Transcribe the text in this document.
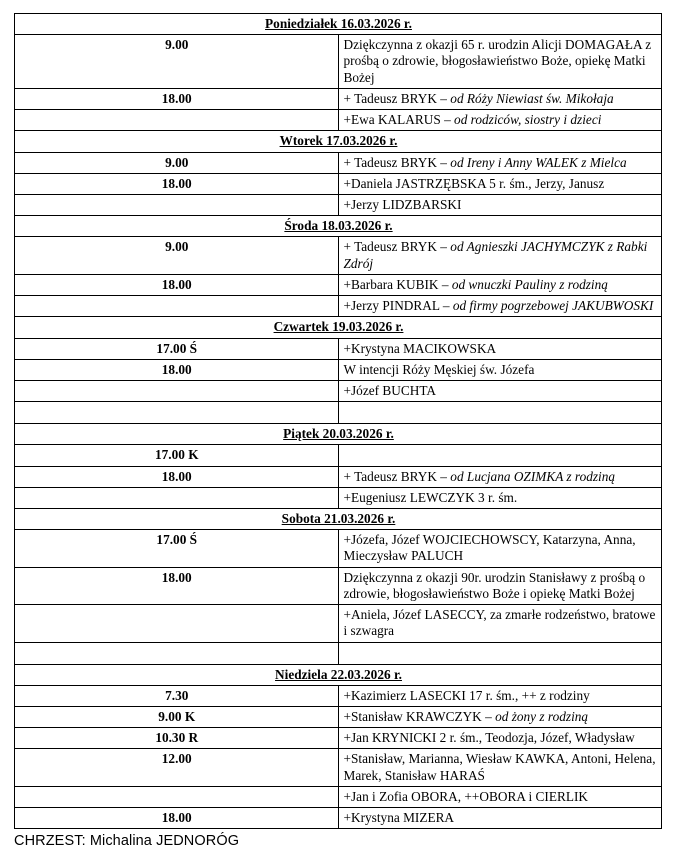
Poniedziałek 16.03.2026 r.	
9.00	Dziękczynna z okazji 65 r. urodzin Alicji DOMAGAŁA z prośbą o zdrowie, błogosławieństwo Boże, opiekę Matki Bożej
18.00	+ Tadeusz BRYK – od Róży Niewiast św. Mikołaja
	+Ewa KALARUS – od rodziców, siostry i dzieci
Wtorek 17.03.2026 r.	
9.00	+ Tadeusz BRYK – od Ireny i Anny WALEK z Mielca
18.00	+Daniela JASTRZĘBSKA 5 r. śm., Jerzy, Janusz
	+Jerzy LIDZBARSKI
Środa 18.03.2026 r.	
9.00	+ Tadeusz BRYK – od Agnieszki JACHYMCZYK z Rabki Zdrój
18.00	+Barbara KUBIK – od wnuczki Pauliny z rodziną
	+Jerzy PINDRAL – od firmy pogrzebowej JAKUBWOSKI
Czwartek 19.03.2026 r.	
17.00 Ś	+Krystyna MACIKOWSKA
18.00	W intencji Róży Męskiej św. Józefa
	+Józef BUCHTA

Piątek 20.03.2026 r.	
17.00 K	
18.00	+ Tadeusz BRYK – od Lucjana OZIMKA z rodziną
	+Eugeniusz LEWCZYK 3 r. śm.
Sobota 21.03.2026 r.	
17.00 Ś	+Józefa, Józef WOJCIECHOWSCY, Katarzyna, Anna, Mieczysław PALUCH
18.00	Dziękczynna z okazji 90r. urodzin Stanisławy z prośbą o zdrowie, błogosławieństwo Boże i opiekę Matki Bożej
	+Aniela, Józef LASECCY, za zmarłe rodzeństwo, bratowe i szwagra

Niedziela 22.03.2026 r.	
7.30	+Kazimierz LASECKI 17 r. śm., ++ z rodziny
9.00 K	+Stanisław KRAWCZYK – od żony z rodziną
10.30 R	+Jan KRYNICKI 2 r. śm., Teodozja, Józef, Władysław
12.00	+Stanisław, Marianna, Wiesław KAWKA, Antoni, Helena, Marek, Stanisław HARAŚ
	+Jan i Zofia OBORA, ++OBORA i CIERLIK
18.00	+Krystyna MIZERA
CHRZEST: Michalina JEDNORÓG
